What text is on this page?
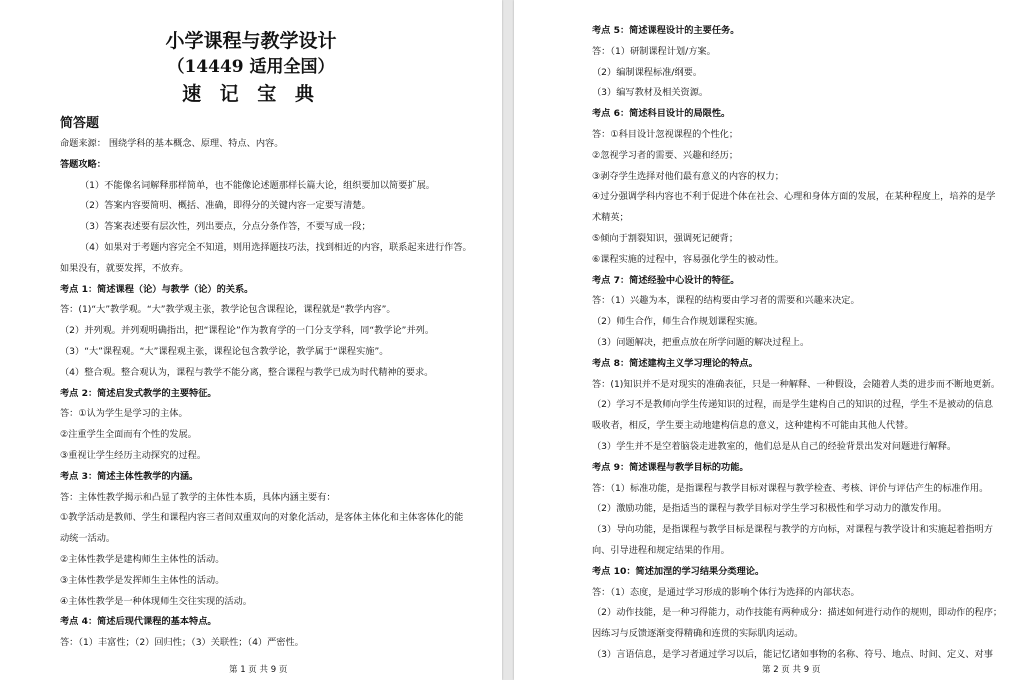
小学课程与教学设计
（14449 适用全国）
速 记 宝 典
简答题
命题来源： 围绕学科的基本概念、原理、特点、内容。
答题攻略：
（1）不能像名词解释那样简单，也不能像论述题那样长篇大论，组织要加以简要扩展。
（2）答案内容要简明、概括、准确，即得分的关键内容一定要写清楚。
（3）答案表述要有层次性，列出要点，分点分条作答，不要写成一段；
（4）如果对于考题内容完全不知道，则用选择题技巧法，找到相近的内容，联系起来进行作答。
如果没有，就要发挥，不放弃。
考点 1：简述课程（论）与教学（论）的关系。
答：(1)“大”教学观。“大”教学观主张，教学论包含课程论，课程就是“教学内容”。
（2）并列观。并列观明确指出，把“课程论”作为教育学的一门分支学科，同“教学论”并列。
（3）“大”课程观。“大”课程观主张，课程论包含教学论，教学属于“课程实施”。
（4）整合观。整合观认为，课程与教学不能分离，整合课程与教学已成为时代精神的要求。
考点 2：简述启发式教学的主要特征。
答：①认为学生是学习的主体。
②注重学生全面而有个性的发展。
③重视让学生经历主动探究的过程。
考点 3：简述主体性教学的内涵。
答：主体性教学揭示和凸显了教学的主体性本质，具体内涵主要有：
①教学活动是教师、学生和课程内容三者间双重双向的对象化活动，是客体主体化和主体客体化的能
动统一活动。
②主体性教学是建构师生主体性的活动。
③主体性教学是发挥师生主体性的活动。
④主体性教学是一种体现师生交往实现的活动。
考点 4：简述后现代课程的基本特点。
答：（1）丰富性；（2）回归性；（3）关联性；（4）严密性。
第 1 页 共 9 页
考点 5：简述课程设计的主要任务。
答：（1）研制课程计划/方案。
（2）编制课程标准/纲要。
（3）编写教材及相关资源。
考点 6：简述科目设计的局限性。
答：①科目设计忽视课程的个性化；
②忽视学习者的需要、兴趣和经历；
③剥夺学生选择对他们最有意义的内容的权力；
④过分强调学科内容也不利于促进个体在社会、心理和身体方面的发展，在某种程度上，培养的是学
术精英；
⑤倾向于割裂知识，强调死记硬背；
⑥课程实施的过程中，容易强化学生的被动性。
考点 7：简述经验中心设计的特征。
答：（1）兴趣为本，课程的结构要由学习者的需要和兴趣来决定。
（2）师生合作，师生合作规划课程实施。
（3）问题解决，把重点放在所学问题的解决过程上。
考点 8：简述建构主义学习理论的特点。
答：(1)知识并不是对现实的准确表征，只是一种解释、一种假设，会随着人类的进步而不断地更新。
（2）学习不是教师向学生传递知识的过程，而是学生建构自己的知识的过程，学生不是被动的信息
吸收者，相反，学生要主动地建构信息的意义，这种建构不可能由其他人代替。
（3）学生并不是空着脑袋走进教室的，他们总是从自己的经验背景出发对问题进行解释。
考点 9：简述课程与教学目标的功能。
答：（1）标准功能，是指课程与教学目标对课程与教学检查、考核、评价与评估产生的标准作用。
（2）激励功能，是指适当的课程与教学目标对学生学习积极性和学习动力的激发作用。
（3）导向功能，是指课程与教学目标是课程与教学的方向标，对课程与教学设计和实施起着指明方
向、引导进程和规定结果的作用。
考点 10：简述加涅的学习结果分类理论。
答：（1）态度，是通过学习形成的影响个体行为选择的内部状态。
（2）动作技能，是一种习得能力，动作技能有两种成分：描述如何进行动作的规则，即动作的程序；
因练习与反馈逐渐变得精确和连贯的实际肌肉运动。
（3）言语信息，是学习者通过学习以后，能记忆诸如事物的名称、符号、地点、时间、定义、对事
第 2 页 共 9 页
